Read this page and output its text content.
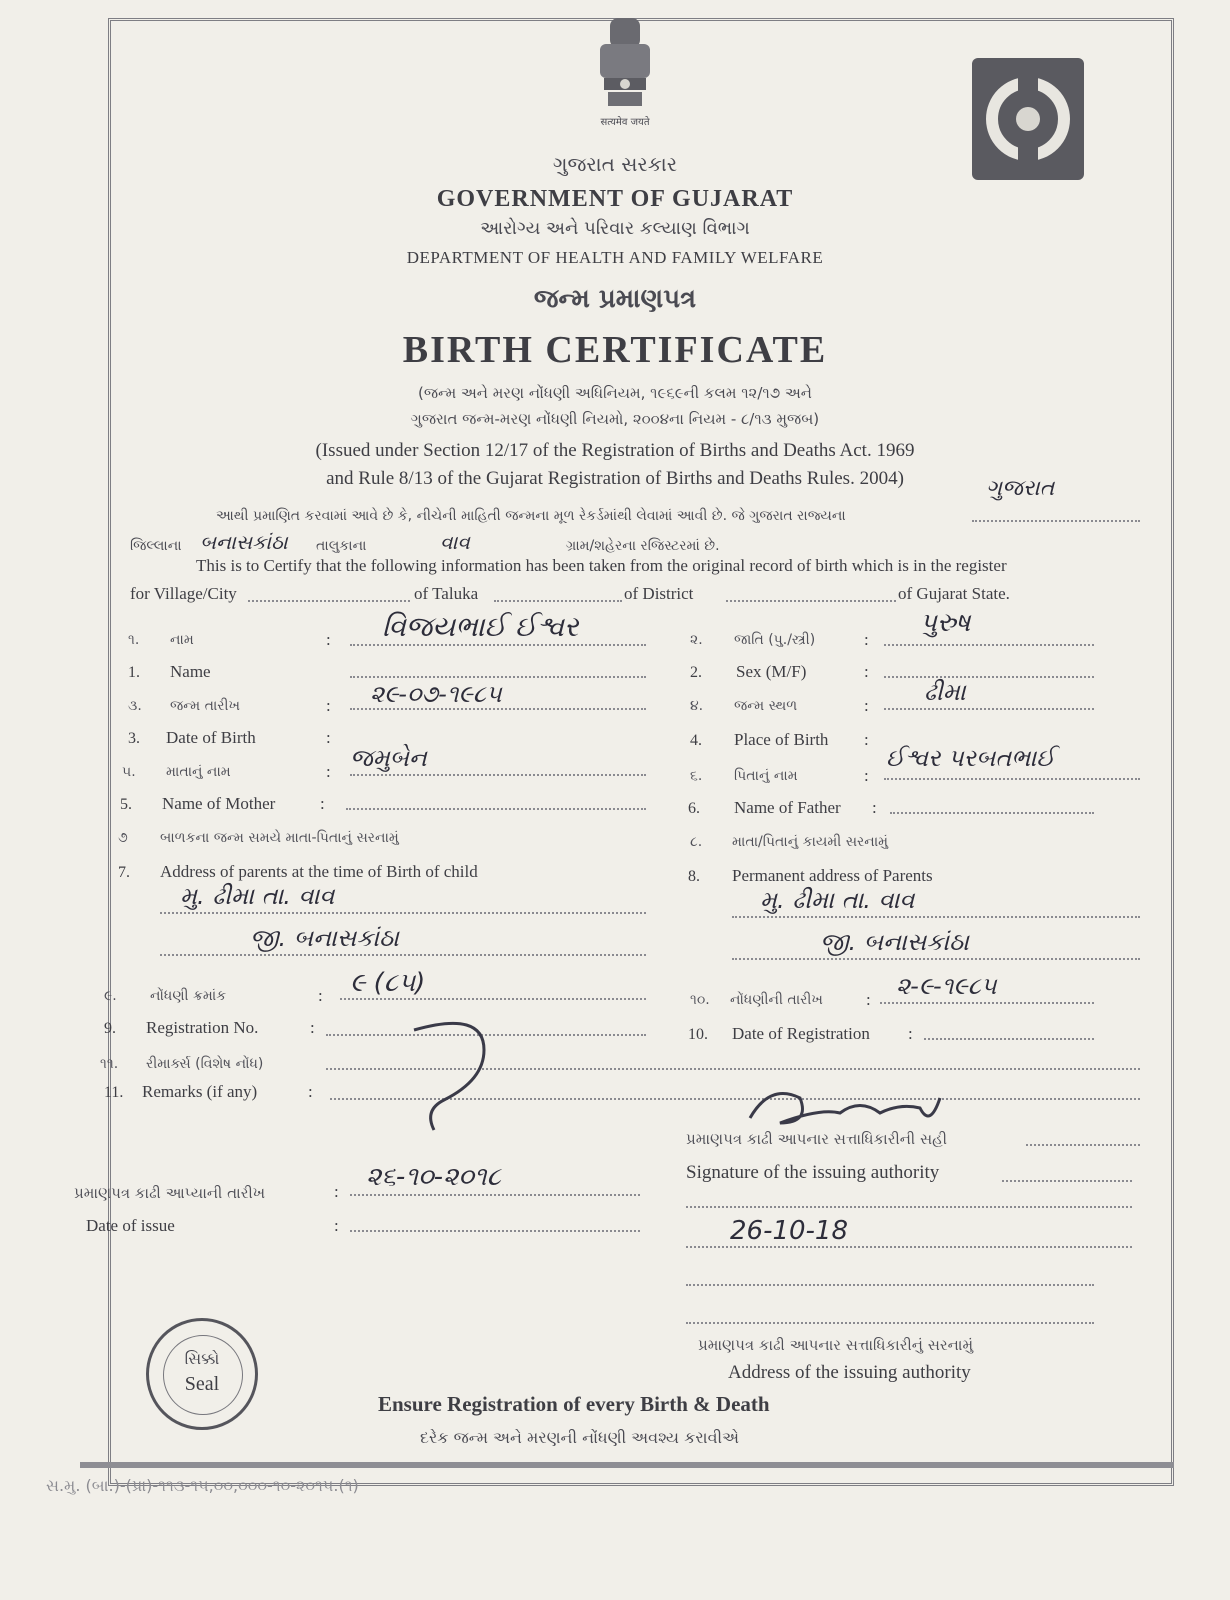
सत्यमेव जयते
ગુજરાત સરકાર
GOVERNMENT OF GUJARAT
આરોગ્ય અને પરિવાર કલ્યાણ વિભાગ
DEPARTMENT OF HEALTH AND FAMILY WELFARE
જન્મ પ્રમાણપત્ર
BIRTH CERTIFICATE
(જન્મ અને મરણ નોંધણી અધિનિયમ, ૧૯૬૯ની કલમ ૧૨/૧૭ અને
ગુજરાત જન્મ-મરણ નોંધણી નિયમો, ૨૦૦૪ના નિયમ - ૮/૧૩ મુજબ)
(Issued under Section 12/17 of the Registration of Births and Deaths Act. 1969
and Rule 8/13 of the Gujarat Registration of Births and Deaths Rules. 2004)	ગુજરાત
આથી પ્રમાણિત કરવામાં આવે છે કે, નીચેની માહિતી જન્મના મૂળ રેકર્ડમાંથી લેવામાં આવી છે. જે ગુજરાત રાજ્યના
જિલ્લાના બનાસકાંઠા તાલુકાના	વાવ	ગ્રામ/શહેરના રજિસ્ટરમાં છે.
This is to Certify that the following information has been taken from the original record of birth which is in the register
for Village/City	of Taluka	of District	of Gujarat State.
૧. નામ	: વિજયભાઈ ઈશ્વર
1. Name
૩. જન્મ તારીખ	: ૨૯-૦૭-૧૯૮૫
3. Date of Birth	:
૫. માતાનું નામ	: જમુબેન
5. Name of Mother	:
૭ બાળકના જન્મ સમયે માતા-પિતાનું સરનામું
7. Address of parents at the time of Birth of child
મુ. ઢીમા તા. વાવ
જી. બનાસકાંઠા
૯. નોંધણી ક્રમાંક	: ૯ (૮૫)
9. Registration No.	:
૧૧. રીમાર્ક્સ (વિશેષ નોંધ)
11. Remarks (if any)	:
૨. જાતિ (પુ./સ્ત્રી)	:
પુરુષ
2. Sex (M/F)	:
૪. જન્મ સ્થળ	: ઢીમા
4. Place of Birth :
૬. પિતાનું નામ	:
ઈશ્વર પરબતભાઈ
6. Name of Father :
૮. માતા/પિતાનું કાયમી સરનામું
8. Permanent address of Parents
મુ. ઢીમા તા. વાવ
જી. બનાસકાંઠા
૧૦. નોંધણીની તારીખ	: ૨-૯-૧૯૮૫
10. Date of Registration :
પ્રમાણપત્ર કાઢી આપ્યાની તારીખ	: ૨૬-૧૦-૨૦૧૮
Date of issue	:
પ્રમાણપત્ર કાઢી આપનાર સત્તાધિકારીની સહી
Signature of the issuing authority
26-10-18
પ્રમાણપત્ર કાઢી આપનાર સત્તાધિકારીનું સરનામું
Address of the issuing authority
સિક્કો
Seal
Ensure Registration of every Birth & Death
દરેક જન્મ અને મરણની નોંધણી અવશ્ય કરાવીએ
સ.મુ. (બા.)-(પ્રા)-૧૧૩-૧૫,૦૦,૦૦૦-૧૦-૨૦૧૫.(૧)
